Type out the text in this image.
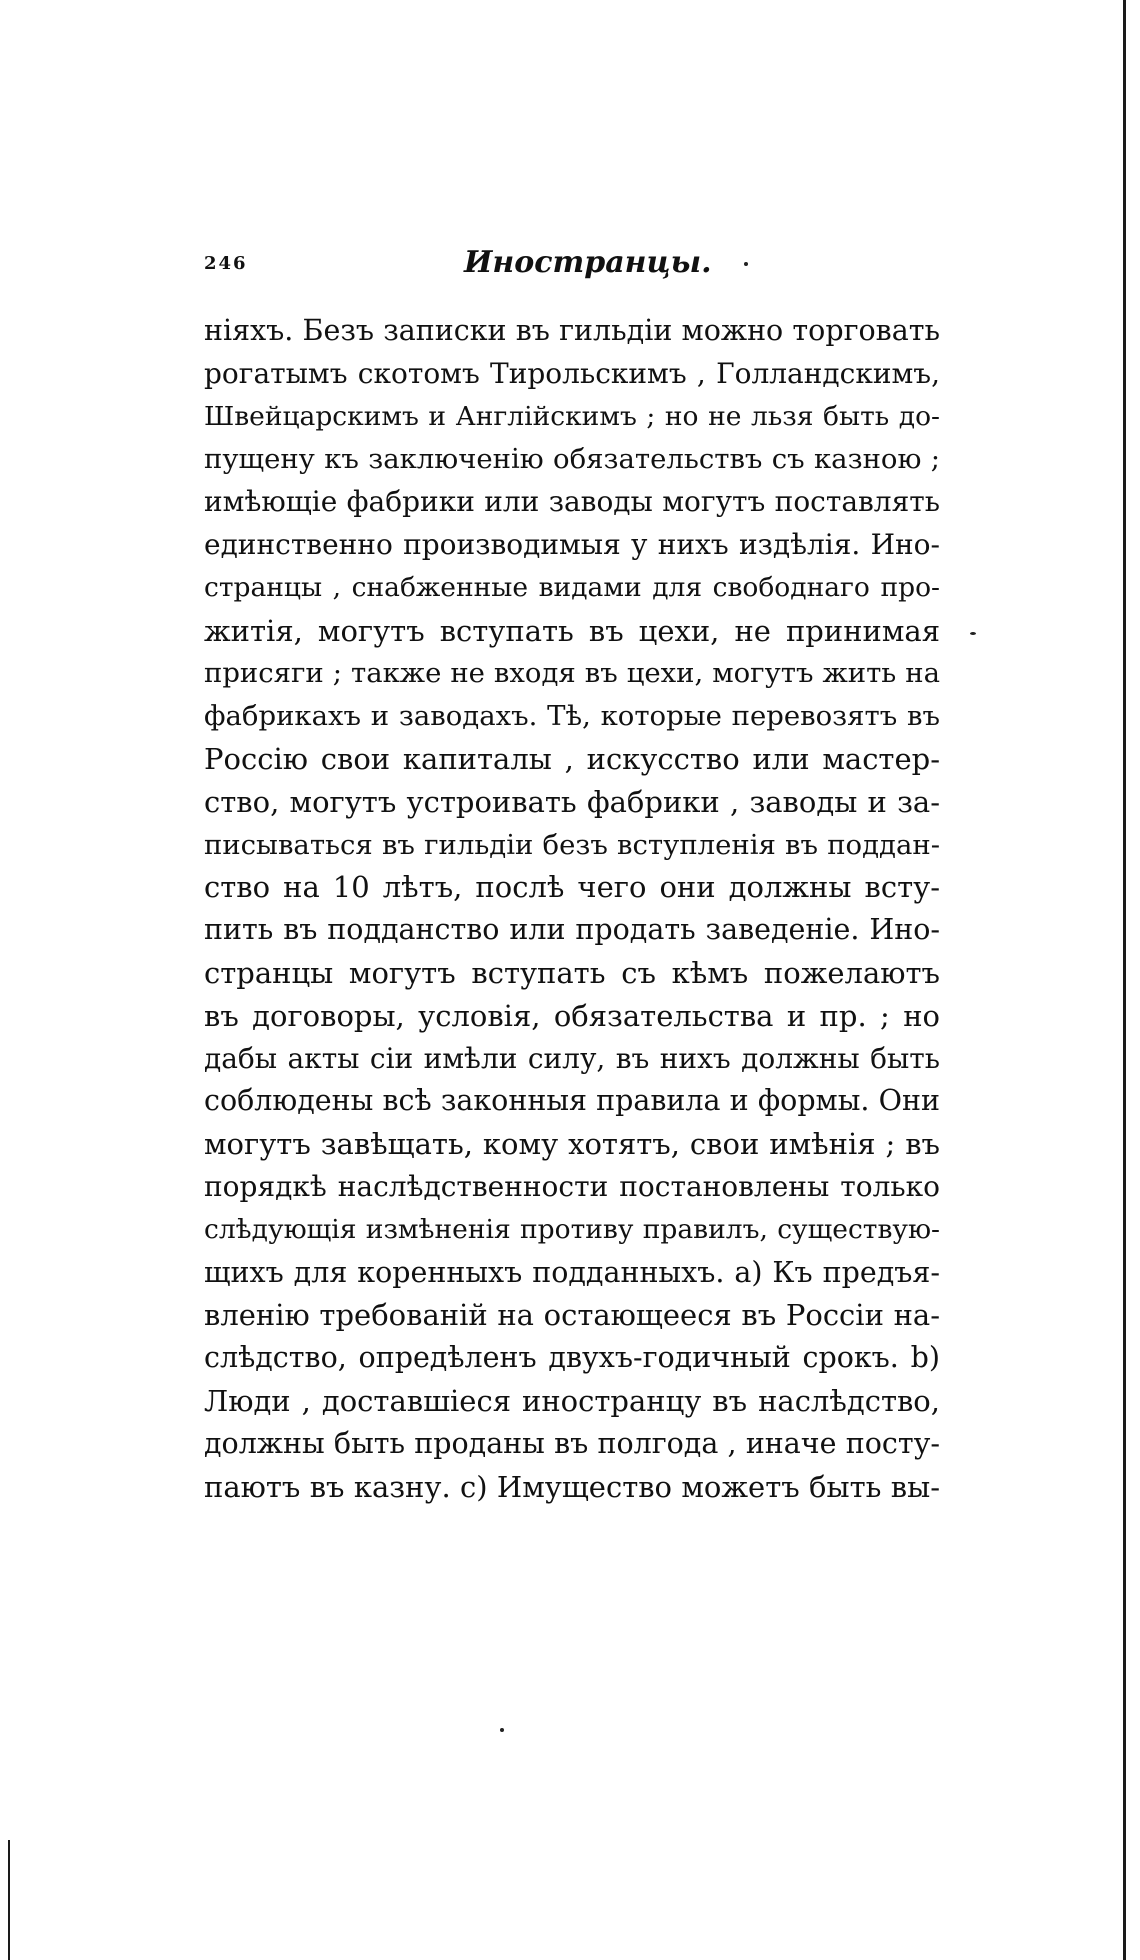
246	Иностранцы.
ніяхъ. Безъ записки въ гильдіи можно торговать
рогатымъ скотомъ Тирольскимъ , Голландскимъ,
Швейцарскимъ и Англійскимъ ; но не льзя быть до-
пущену къ заключенію обязательствъ съ казною ;
имѣющіе фабрики или заводы могутъ поставлять
единственно производимыя у нихъ издѣлія. Ино-
странцы , снабженные видами для свободнаго про-
житія, могутъ вступать въ цехи, не принимая
присяги ; также не входя въ цехи, могутъ жить на
фабрикахъ и заводахъ. Тѣ, которые перевозятъ въ
Россію свои капиталы , искусство или мастер-
ство, могутъ устроивать фабрики , заводы и за-
писываться въ гильдіи безъ вступленія въ поддан-
ство на 10 лѣтъ, послѣ чего они должны всту-
пить въ подданство или продать заведеніе. Ино-
странцы могутъ вступать съ кѣмъ пожелаютъ
въ договоры, условія, обязательства и пр. ; но
дабы акты сіи имѣли силу, въ нихъ должны быть
соблюдены всѣ законныя правила и формы. Они
могутъ завѣщать, кому хотятъ, свои имѣнія ; въ
порядкѣ наслѣдственности постановлены только
слѣдующія измѣненія противу правилъ, существую-
щихъ для коренныхъ подданныхъ. a) Къ предъя-
вленію требованій на остающееся въ Россіи на-
слѣдство, опредѣленъ двухъ-годичный срокъ. b)
Люди , доставшіеся иностранцу въ наслѣдство,
должны быть проданы въ полгода , иначе посту-
паютъ въ казну. c) Имущество можетъ быть вы-
